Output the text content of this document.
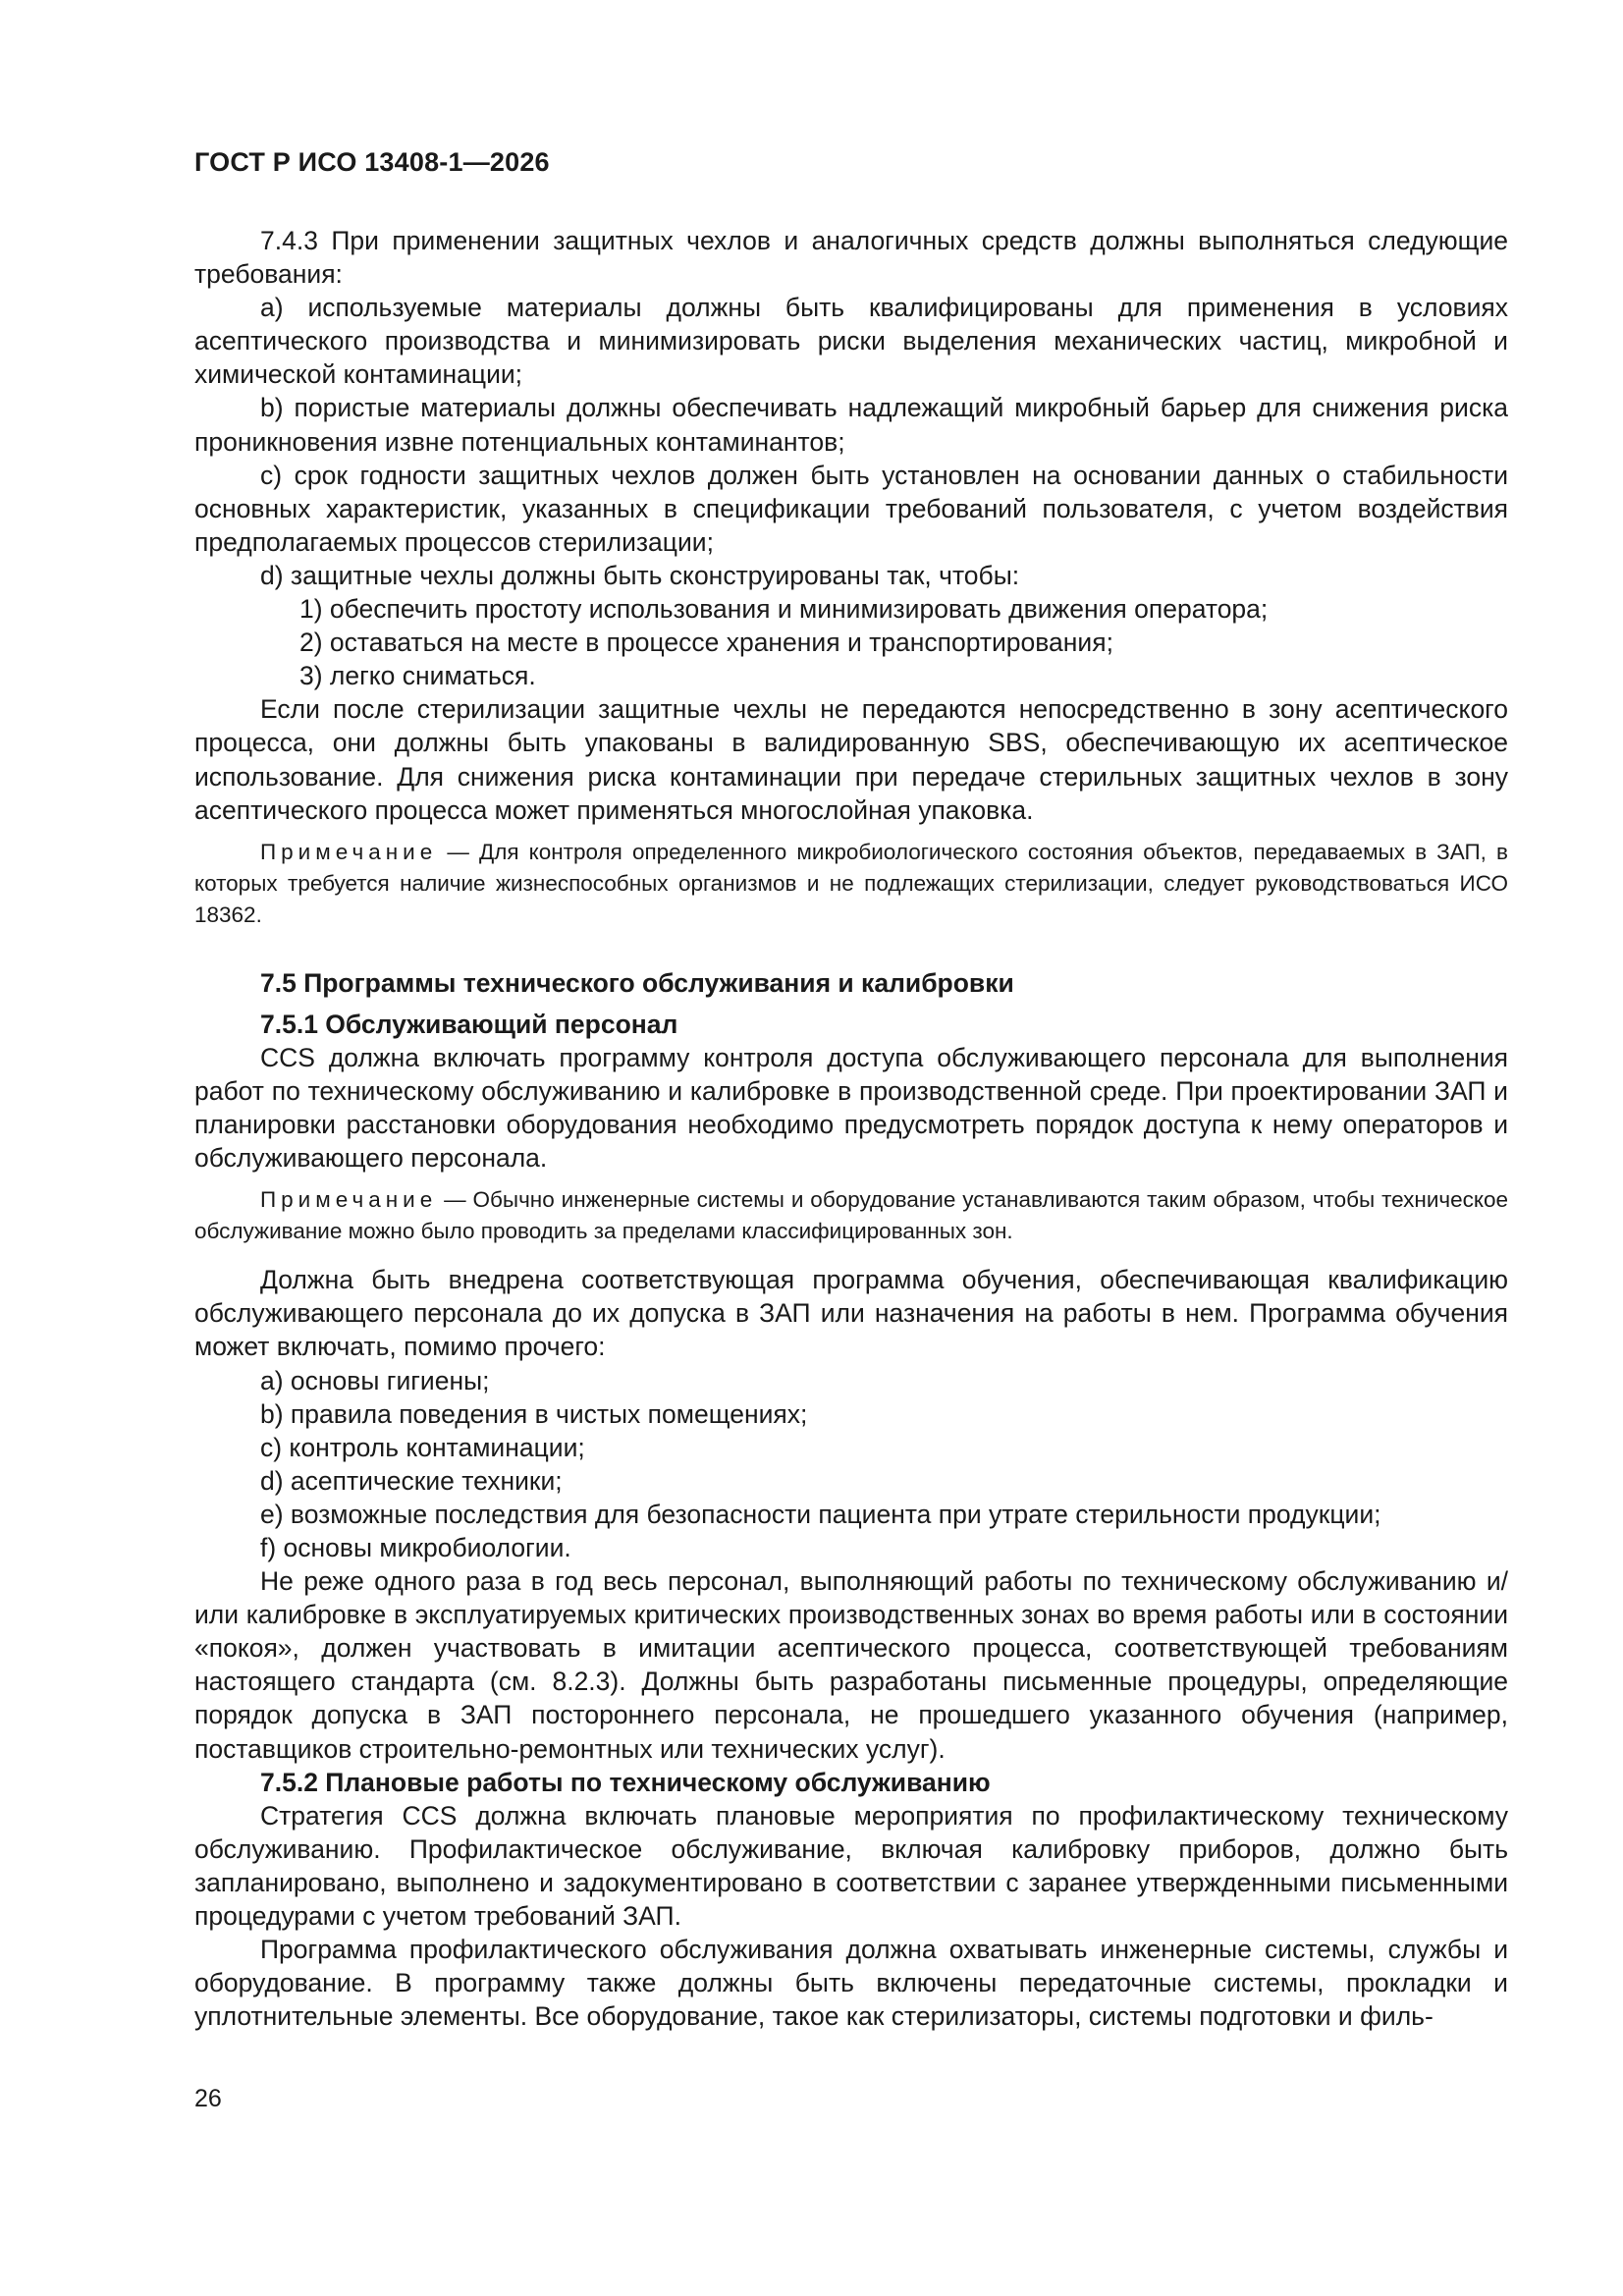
ГОСТ Р ИСО 13408-1—2026

7.4.3 При применении защитных чехлов и аналогичных средств должны выполняться следующие требования:

a) используемые материалы должны быть квалифицированы для применения в условиях асептического производства и минимизировать риски выделения механических частиц, микробной и химической контаминации;

b) пористые материалы должны обеспечивать надлежащий микробный барьер для снижения риска проникновения извне потенциальных контаминантов;

c) срок годности защитных чехлов должен быть установлен на основании данных о стабильности основных характеристик, указанных в спецификации требований пользователя, с учетом воздействия предполагаемых процессов стерилизации;

d) защитные чехлы должны быть сконструированы так, чтобы:

1) обеспечить простоту использования и минимизировать движения оператора;

2) оставаться на месте в процессе хранения и транспортирования;

3) легко сниматься.

Если после стерилизации защитные чехлы не передаются непосредственно в зону асептического процесса, они должны быть упакованы в валидированную SBS, обеспечивающую их асептическое использование. Для снижения риска контаминации при передаче стерильных защитных чехлов в зону асептического процесса может применяться многослойная упаковка.

Примечание — Для контроля определенного микробиологического состояния объектов, передаваемых в ЗАП, в которых требуется наличие жизнеспособных организмов и не подлежащих стерилизации, следует руководствоваться ИСО 18362.

7.5 Программы технического обслуживания и калибровки

7.5.1 Обслуживающий персонал

CCS должна включать программу контроля доступа обслуживающего персонала для выполнения работ по техническому обслуживанию и калибровке в производственной среде. При проектировании ЗАП и планировки расстановки оборудования необходимо предусмотреть порядок доступа к нему операторов и обслуживающего персонала.

Примечание — Обычно инженерные системы и оборудование устанавливаются таким образом, чтобы техническое обслуживание можно было проводить за пределами классифицированных зон.

Должна быть внедрена соответствующая программа обучения, обеспечивающая квалификацию обслуживающего персонала до их допуска в ЗАП или назначения на работы в нем. Программа обучения может включать, помимо прочего:

a) основы гигиены;

b) правила поведения в чистых помещениях;

c) контроль контаминации;

d) асептические техники;

e) возможные последствия для безопасности пациента при утрате стерильности продукции;

f) основы микробиологии.

Не реже одного раза в год весь персонал, выполняющий работы по техническому обслуживанию и/или калибровке в эксплуатируемых критических производственных зонах во время работы или в состоянии «покоя», должен участвовать в имитации асептического процесса, соответствующей требованиям настоящего стандарта (см. 8.2.3). Должны быть разработаны письменные процедуры, определяющие порядок допуска в ЗАП постороннего персонала, не прошедшего указанного обучения (например, поставщиков строительно-ремонтных или технических услуг).

7.5.2 Плановые работы по техническому обслуживанию

Стратегия CCS должна включать плановые мероприятия по профилактическому техническому обслуживанию. Профилактическое обслуживание, включая калибровку приборов, должно быть запланировано, выполнено и задокументировано в соответствии с заранее утвержденными письменными процедурами с учетом требований ЗАП.

Программа профилактического обслуживания должна охватывать инженерные системы, службы и оборудование. В программу также должны быть включены передаточные системы, прокладки и уплотнительные элементы. Все оборудование, такое как стерилизаторы, системы подготовки и филь-

26
